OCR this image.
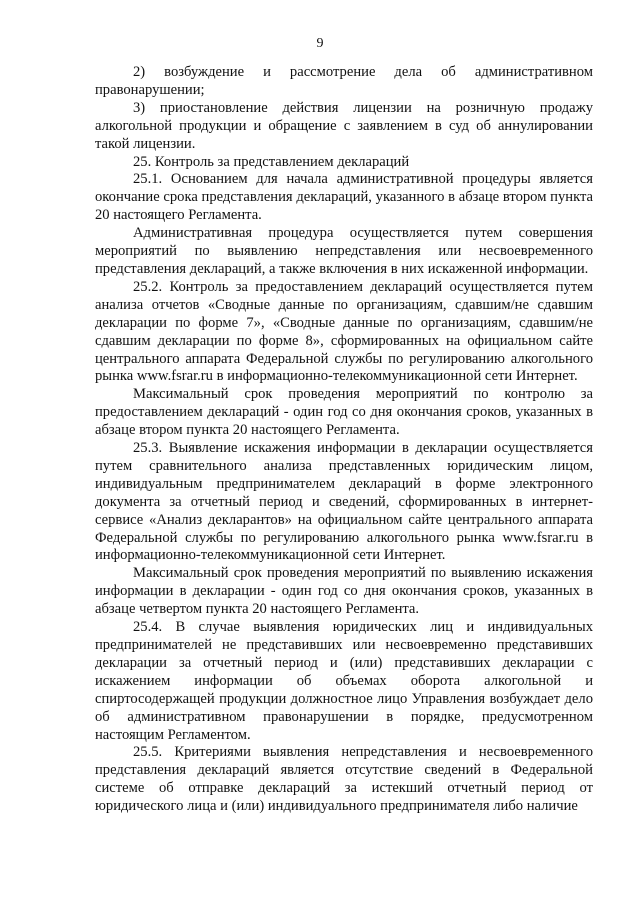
9

2) возбуждение и рассмотрение дела об административном правонарушении;

3) приостановление действия лицензии на розничную продажу алкогольной продукции и обращение с заявлением в суд об аннулировании такой лицензии.

25. Контроль за представлением деклараций

25.1. Основанием для начала административной процедуры является окончание срока представления деклараций, указанного в абзаце втором пункта 20 настоящего Регламента.

Административная процедура осуществляется путем совершения мероприятий по выявлению непредставления или несвоевременного представления деклараций, а также включения в них искаженной информации.

25.2. Контроль за предоставлением деклараций осуществляется путем анализа отчетов «Сводные данные по организациям, сдавшим/не сдавшим декларации по форме 7», «Сводные данные по организациям, сдавшим/не сдавшим декларации по форме 8», сформированных на официальном сайте центрального аппарата Федеральной службы по регулированию алкогольного рынка www.fsrar.ru в информационно-телекоммуникационной сети Интернет.

Максимальный срок проведения мероприятий по контролю за предоставлением деклараций - один год со дня окончания сроков, указанных в абзаце втором пункта 20 настоящего Регламента.

25.3. Выявление искажения информации в декларации осуществляется путем сравнительного анализа представленных юридическим лицом, индивидуальным предпринимателем деклараций в форме электронного документа за отчетный период и сведений, сформированных в интернет-сервисе «Анализ декларантов» на официальном сайте центрального аппарата Федеральной службы по регулированию алкогольного рынка www.fsrar.ru в информационно-телекоммуникационной сети Интернет.

Максимальный срок проведения мероприятий по выявлению искажения информации в декларации - один год со дня окончания сроков, указанных в абзаце четвертом пункта 20 настоящего Регламента.

25.4. В случае выявления юридических лиц и индивидуальных предпринимателей не представивших или несвоевременно представивших декларации за отчетный период и (или) представивших декларации с искажением информации об объемах оборота алкогольной и спиртосодержащей продукции должностное лицо Управления возбуждает дело об административном правонарушении в порядке, предусмотренном настоящим Регламентом.

25.5. Критериями выявления непредставления и несвоевременного представления деклараций является отсутствие сведений в Федеральной системе об отправке деклараций за истекший отчетный период от юридического лица и (или) индивидуального предпринимателя либо наличие
